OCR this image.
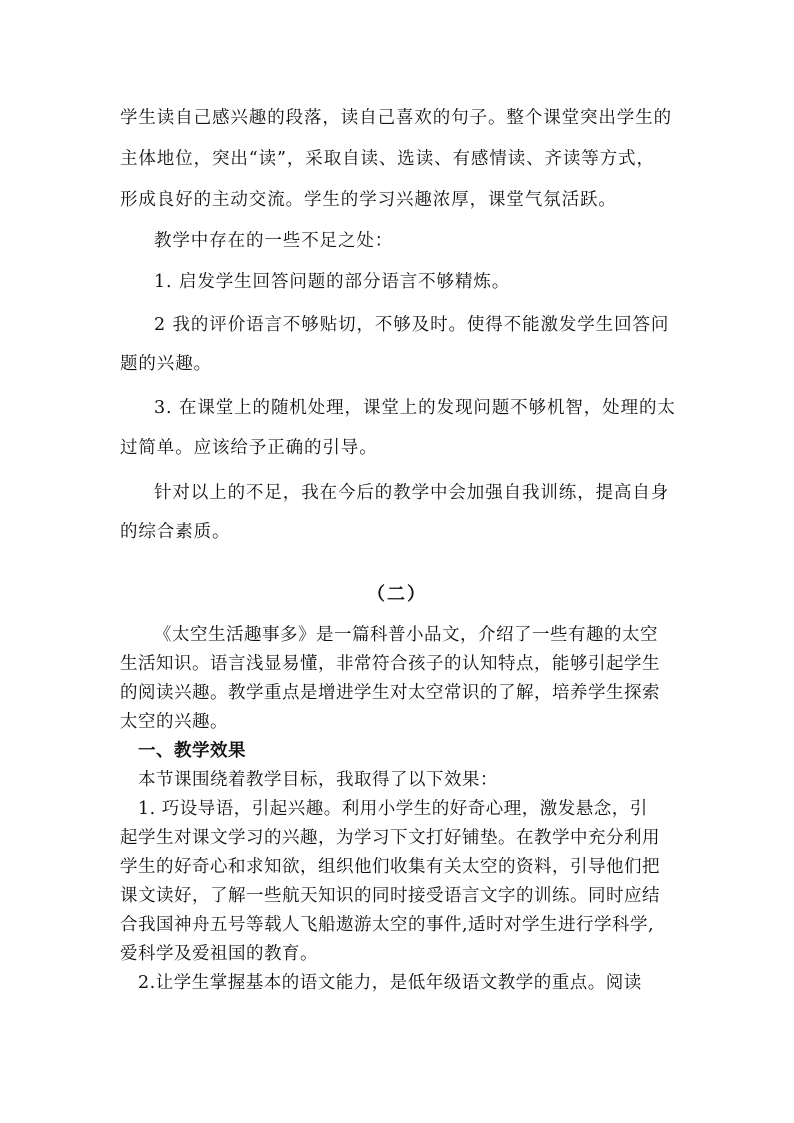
学生读自己感兴趣的段落，读自己喜欢的句子。整个课堂突出学生的
主体地位，突出“读”，采取自读、选读、有感情读、齐读等方式，
形成良好的主动交流。学生的学习兴趣浓厚，课堂气氛活跃。
教学中存在的一些不足之处：
1. 启发学生回答问题的部分语言不够精炼。
2 我的评价语言不够贴切，不够及时。使得不能激发学生回答问
题的兴趣。
3. 在课堂上的随机处理，课堂上的发现问题不够机智，处理的太
过简单。应该给予正确的引导。
针对以上的不足，我在今后的教学中会加强自我训练，提高自身
的综合素质。
（二）
《太空生活趣事多》是一篇科普小品文，介绍了一些有趣的太空
生活知识。语言浅显易懂，非常符合孩子的认知特点，能够引起学生
的阅读兴趣。教学重点是增进学生对太空常识的了解，培养学生探索
太空的兴趣。
一、教学效果
本节课围绕着教学目标，我取得了以下效果：
1. 巧设导语，引起兴趣。利用小学生的好奇心理，激发悬念，引
起学生对课文学习的兴趣，为学习下文打好铺垫。在教学中充分利用
学生的好奇心和求知欲，组织他们收集有关太空的资料，引导他们把
课文读好，了解一些航天知识的同时接受语言文字的训练。同时应结
合我国神舟五号等载人飞船遨游太空的事件,适时对学生进行学科学,
爱科学及爱祖国的教育。
2.让学生掌握基本的语文能力，是低年级语文教学的重点。阅读
